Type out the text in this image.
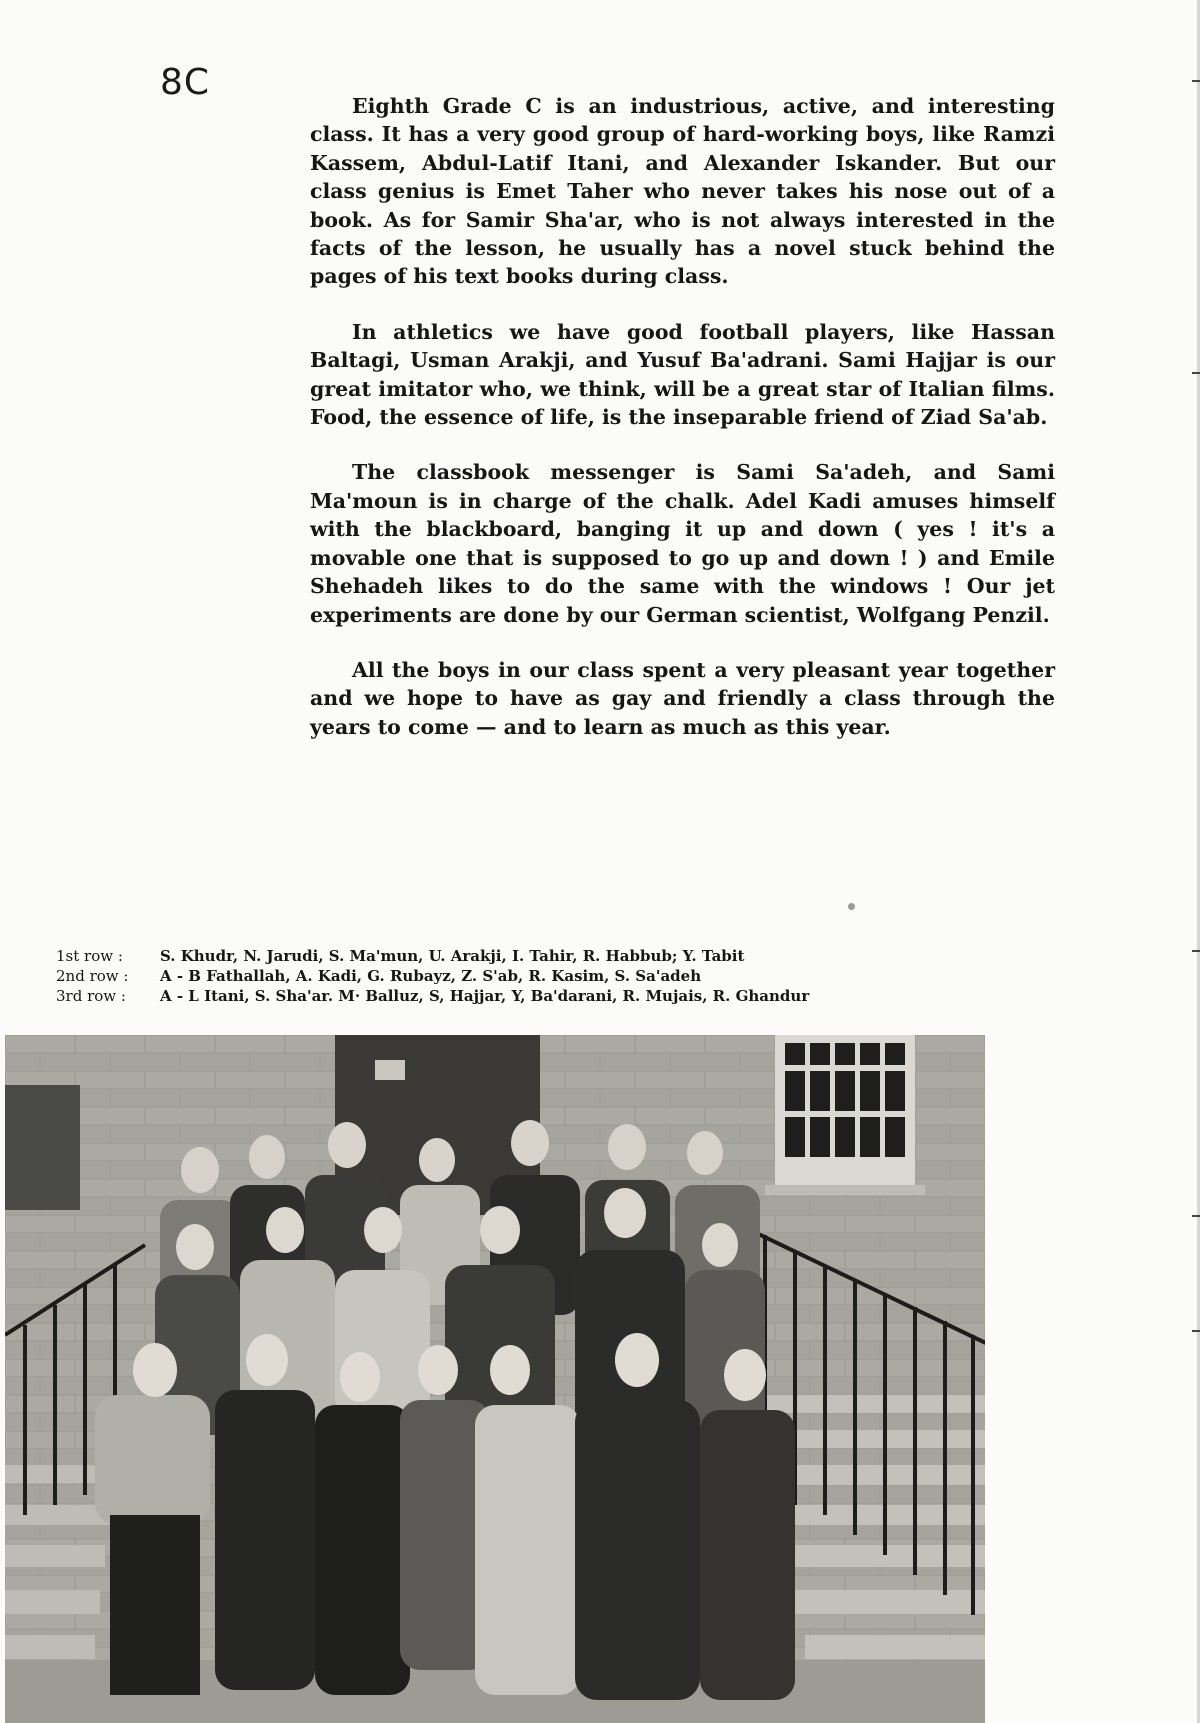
8C

Eighth Grade C is an industrious, active, and interesting class. It has a very good group of hard-working boys, like Ramzi Kassem, Abdul-Latif Itani, and Alexander Iskander. But our class genius is Emet Taher who never takes his nose out of a book. As for Samir Sha'ar, who is not always interested in the facts of the lesson, he usually has a novel stuck behind the pages of his text books during class.

In athletics we have good football players, like Hassan Baltagi, Usman Arakji, and Yusuf Ba'adrani. Sami Hajjar is our great imitator who, we think, will be a great star of Italian films. Food, the essence of life, is the inseparable friend of Ziad Sa'ab.

The classbook messenger is Sami Sa'adeh, and Sami Ma'moun is in charge of the chalk. Adel Kadi amuses himself with the blackboard, banging it up and down ( yes ! it's a movable one that is supposed to go up and down ! ) and Emile Shehadeh likes to do the same with the windows ! Our jet experiments are done by our German scientist, Wolfgang Penzil.

All the boys in our class spent a very pleasant year together and we hope to have as gay and friendly a class through the years to come — and to learn as much as this year.

1st row :	S. Khudr, N. Jarudi, S. Ma'mun, U. Arakji, I. Tahir, R. Habbub; Y. Tabit
2nd row :	A - B Fathallah, A. Kadi, G. Rubayz, Z. S'ab, R. Kasim, S. Sa'adeh
3rd row :	A - L Itani, S. Sha'ar. M· Balluz, S, Hajjar, Y, Ba'darani, R. Mujais, R. Ghandur
